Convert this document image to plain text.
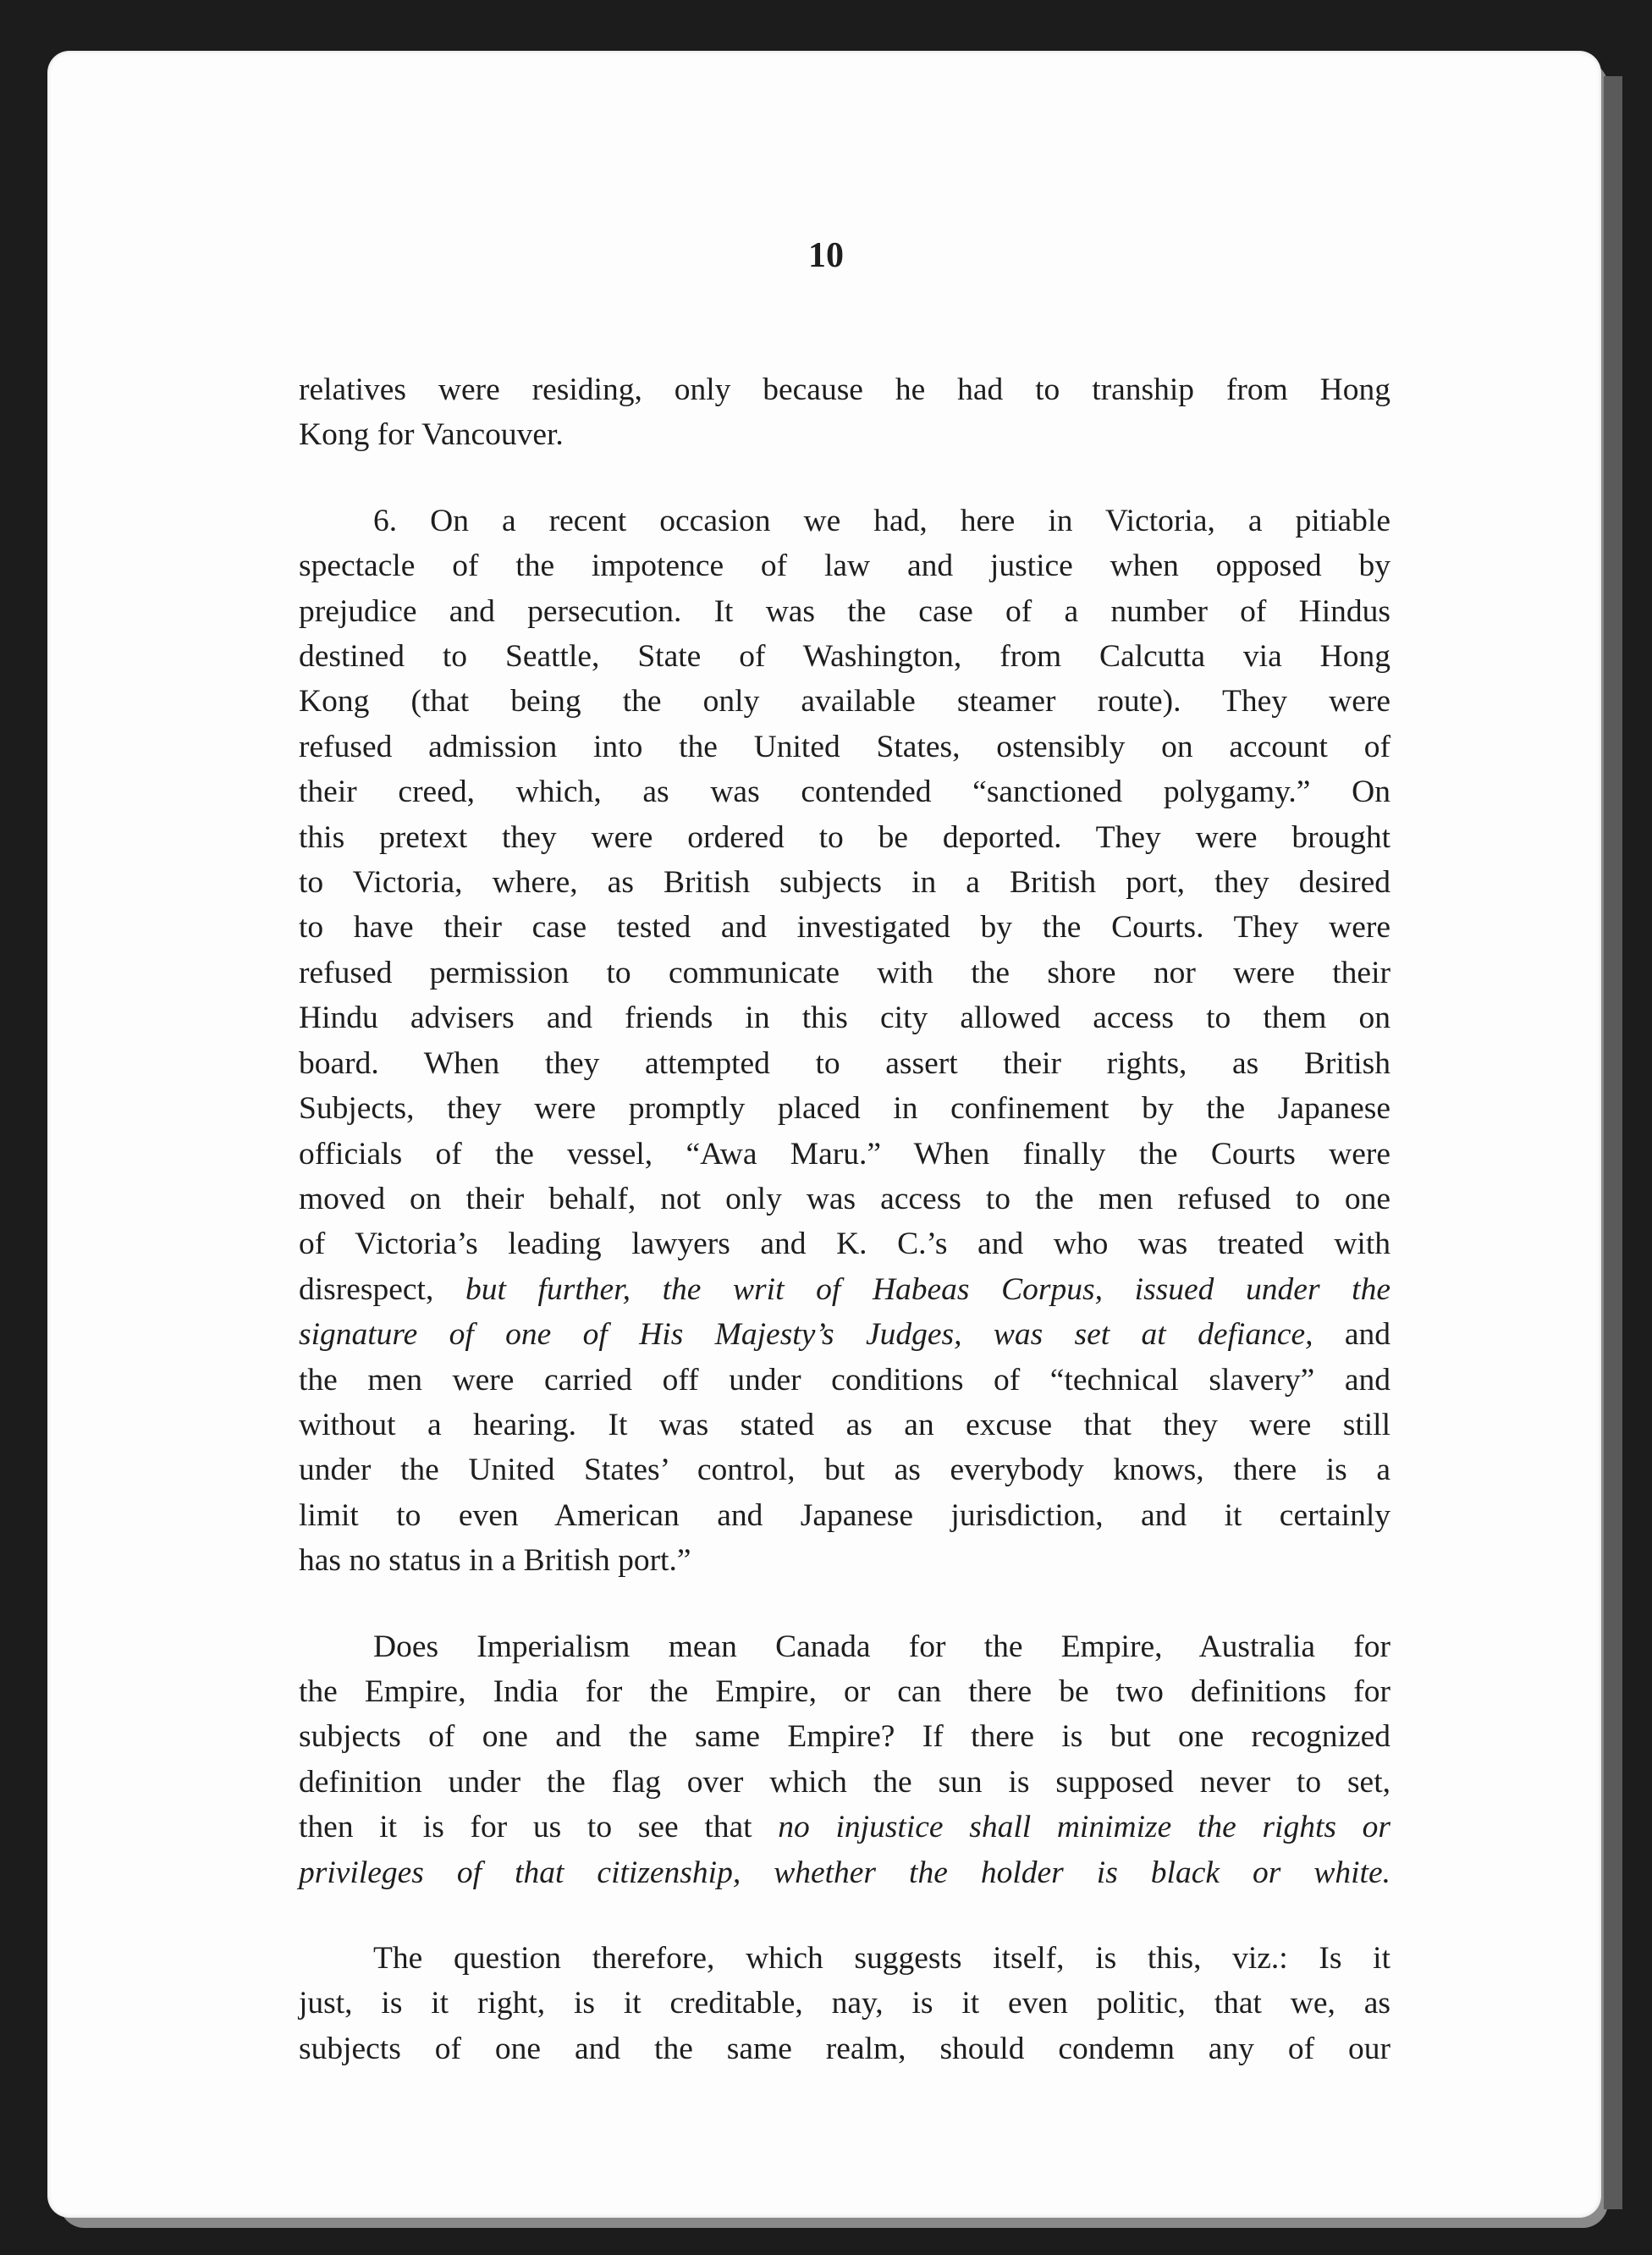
10
relatives were residing, only because he had to tranship from Hong
Kong for Vancouver.
6. On a recent occasion we had, here in Victoria, a pitiable
spectacle of the impotence of law and justice when opposed by
prejudice and persecution. It was the case of a number of Hindus
destined to Seattle, State of Washington, from Calcutta via Hong
Kong (that being the only available steamer route). They were
refused admission into the United States, ostensibly on account of
their creed, which, as was contended “sanctioned polygamy.” On
this pretext they were ordered to be deported. They were brought
to Victoria, where, as British subjects in a British port, they desired
to have their case tested and investigated by the Courts. They were
refused permission to communicate with the shore nor were their
Hindu advisers and friends in this city allowed access to them on
board. When they attempted to assert their rights, as British
Subjects, they were promptly placed in confinement by the Japanese
officials of the vessel, “Awa Maru.” When finally the Courts were
moved on their behalf, not only was access to the men refused to one
of Victoria’s leading lawyers and K. C.’s and who was treated with
disrespect, but further, the writ of Habeas Corpus, issued under the
signature of one of His Majesty’s Judges, was set at defiance, and
the men were carried off under conditions of “technical slavery” and
without a hearing. It was stated as an excuse that they were still
under the United States’ control, but as everybody knows, there is a
limit to even American and Japanese jurisdiction, and it certainly
has no status in a British port.”
Does Imperialism mean Canada for the Empire, Australia for
the Empire, India for the Empire, or can there be two definitions for
subjects of one and the same Empire? If there is but one recognized
definition under the flag over which the sun is supposed never to set,
then it is for us to see that no injustice shall minimize the rights or
privileges of that citizenship, whether the holder is black or white.
The question therefore, which suggests itself, is this, viz.: Is it
just, is it right, is it creditable, nay, is it even politic, that we, as
subjects of one and the same realm, should condemn any of our
